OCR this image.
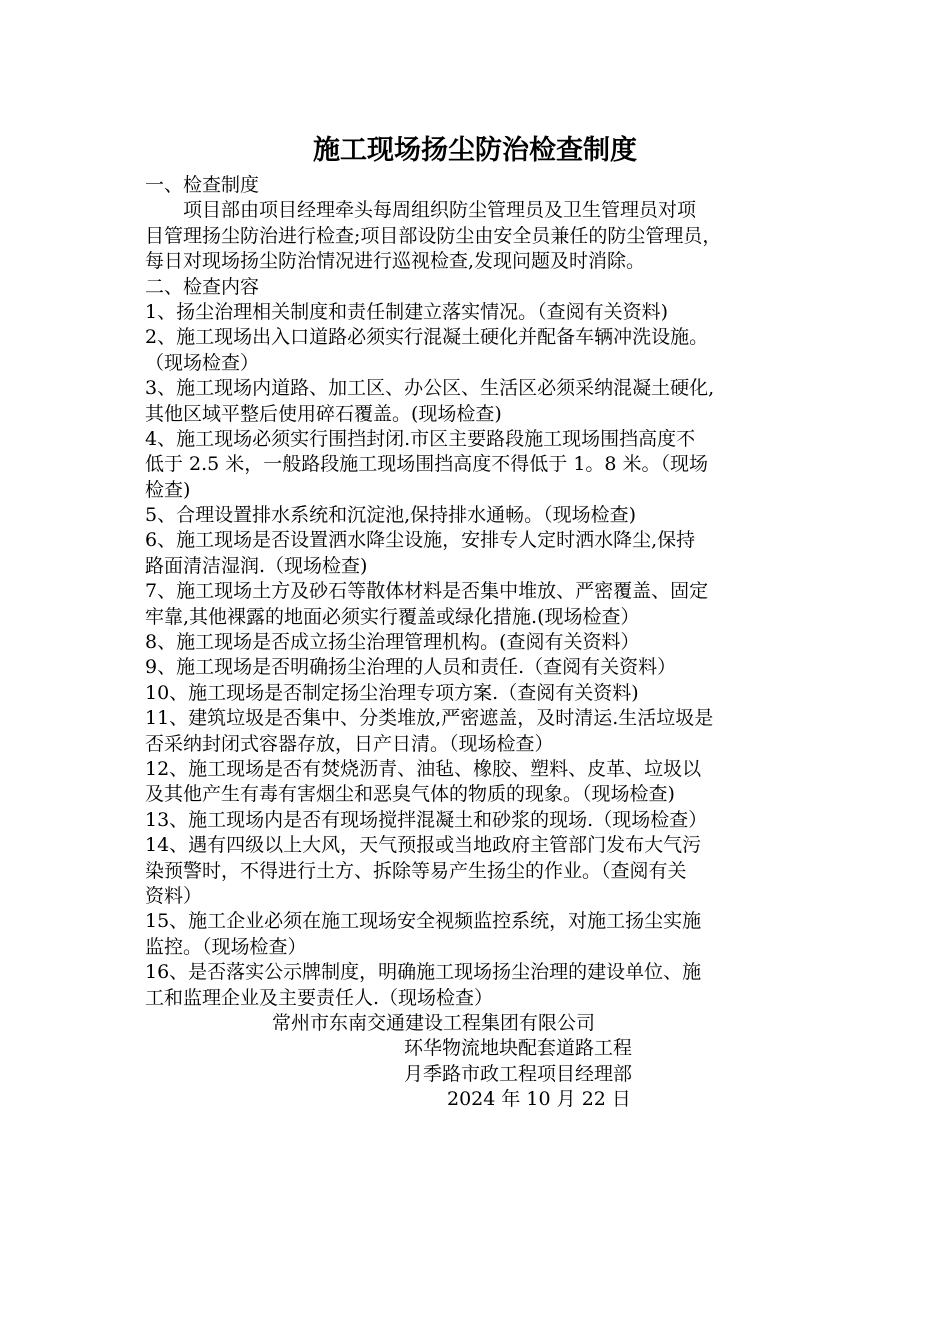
施工现场扬尘防治检查制度
一、检查制度
项目部由项目经理牵头每周组织防尘管理员及卫生管理员对项
目管理扬尘防治进行检查;项目部设防尘由安全员兼任的防尘管理员，
每日对现场扬尘防治情况进行巡视检查,发现问题及时消除。
二、检查内容
1、扬尘治理相关制度和责任制建立落实情况。（查阅有关资料)
2、施工现场出入口道路必须实行混凝土硬化并配备车辆冲洗设施。
（现场检查）
3、施工现场内道路、加工区、办公区、生活区必须采纳混凝土硬化,
其他区域平整后使用碎石覆盖。(现场检查)
4、施工现场必须实行围挡封闭.市区主要路段施工现场围挡高度不
低于 2.5 米，一般路段施工现场围挡高度不得低于 1。8 米。（现场
检查)
5、合理设置排水系统和沉淀池,保持排水通畅。（现场检查)
6、施工现场是否设置洒水降尘设施，安排专人定时洒水降尘,保持
路面清洁湿润.（现场检查)
7、施工现场土方及砂石等散体材料是否集中堆放、严密覆盖、固定
牢靠,其他裸露的地面必须实行覆盖或绿化措施.(现场检查）
8、施工现场是否成立扬尘治理管理机构。(查阅有关资料）
9、施工现场是否明确扬尘治理的人员和责任.（查阅有关资料）
10、施工现场是否制定扬尘治理专项方案.（查阅有关资料)
11、建筑垃圾是否集中、分类堆放,严密遮盖，及时清运.生活垃圾是
否采纳封闭式容器存放，日产日清。（现场检查）
12、施工现场是否有焚烧沥青、油毡、橡胶、塑料、皮革、垃圾以
及其他产生有毒有害烟尘和恶臭气体的物质的现象。（现场检查)
13、施工现场内是否有现场搅拌混凝土和砂浆的现场.（现场检查）
14、遇有四级以上大风，天气预报或当地政府主管部门发布大气污
染预警时，不得进行土方、拆除等易产生扬尘的作业。（查阅有关
资料）
15、施工企业必须在施工现场安全视频监控系统，对施工扬尘实施
监控。（现场检查）
16、是否落实公示牌制度，明确施工现场扬尘治理的建设单位、施
工和监理企业及主要责任人.（现场检查）
常州市东南交通建设工程集团有限公司
环华物流地块配套道路工程
月季路市政工程项目经理部
2024 年 10 月 22 日
